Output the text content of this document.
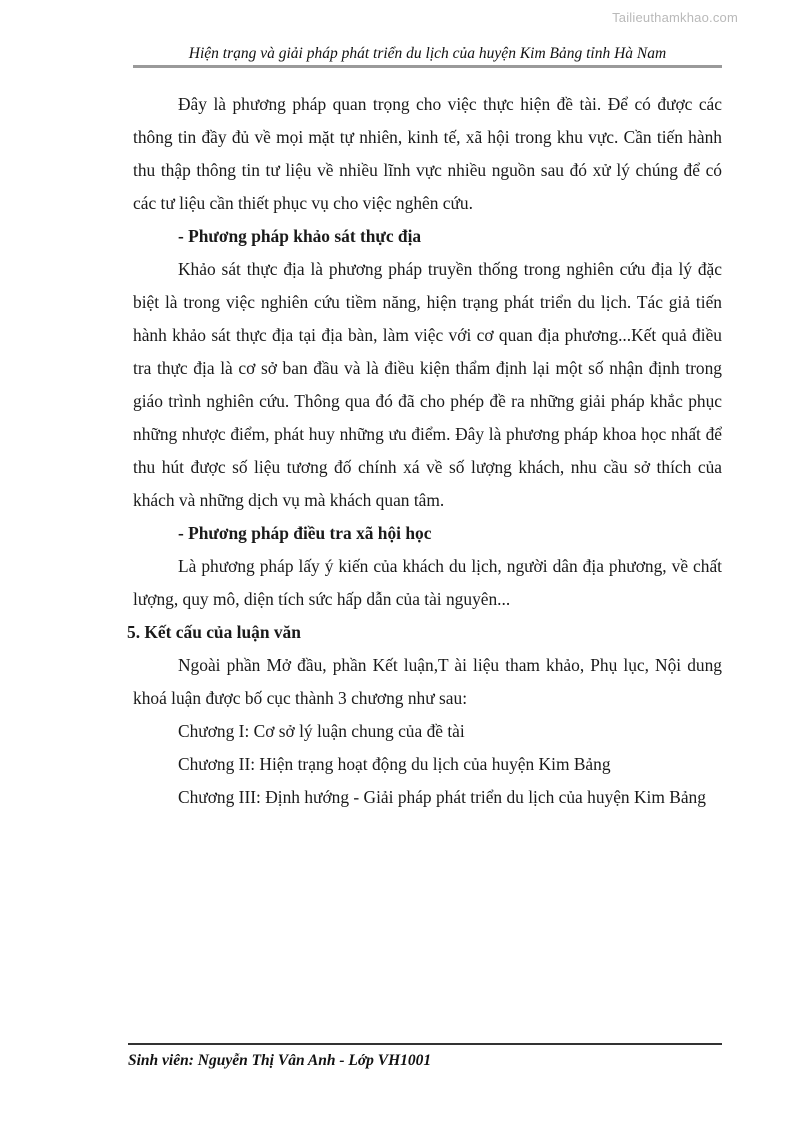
Tailieuthamkhao.com
Hiện trạng và giải pháp phát triển du lịch của huyện Kim Bảng tỉnh Hà Nam

Đây là phương pháp quan trọng cho việc thực hiện đề tài. Để có được các thông tin đầy đủ về mọi mặt tự nhiên, kinh tế, xã hội trong khu vực. Cần tiến hành thu thập thông tin tư liệu về nhiều lĩnh vực nhiều nguồn sau đó xử lý chúng để có các tư liệu cần thiết phục vụ cho việc nghên cứu.

- Phương pháp khảo sát thực địa

Khảo sát thực địa là phương pháp truyền thống trong nghiên cứu địa lý đặc biệt là trong việc nghiên cứu tiềm năng, hiện trạng phát triển du lịch. Tác giả tiến hành khảo sát thực địa tại địa bàn, làm việc với cơ quan địa phương...Kết quả điều tra thực địa là cơ sở ban đầu và là điều kiện thẩm định lại một số nhận định trong giáo trình nghiên cứu. Thông qua đó đã cho phép đề ra những giải pháp khắc phục những nhược điểm, phát huy những ưu điểm. Đây là phương pháp khoa học nhất để thu hút được số liệu tương đố chính xá về số lượng khách, nhu cầu sở thích của khách và những dịch vụ mà khách quan tâm.

- Phương pháp điều tra xã hội học

Là phương pháp lấy ý kiến của khách du lịch, người dân địa phương, về chất lượng, quy mô, diện tích sức hấp dẫn của tài nguyên...

5. Kết cấu của luận văn

Ngoài phần Mở đầu, phần Kết luận,T ài liệu tham khảo, Phụ lục, Nội dung khoá luận được bố cục thành 3 chương như sau:

Chương I: Cơ sở lý luận chung của đề tài

Chương II: Hiện trạng hoạt động du lịch của huyện Kim Bảng

Chương III: Định hướng - Giải pháp phát triển du lịch của huyện Kim Bảng

Sinh viên: Nguyễn Thị Vân Anh - Lớp VH1001
